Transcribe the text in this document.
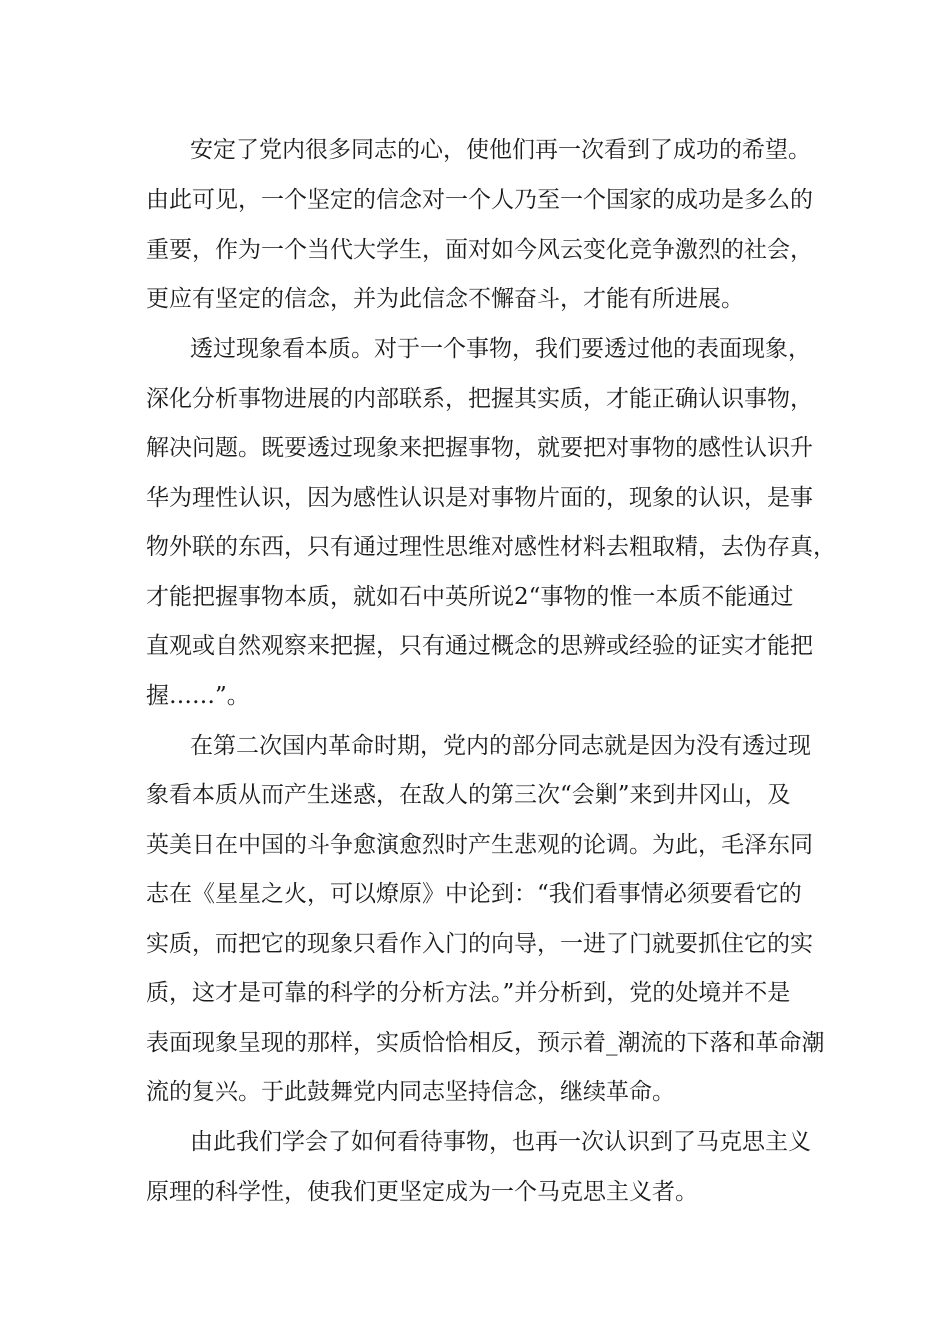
安定了党内很多同志的心，使他们再一次看到了成功的希望。
由此可见，一个坚定的信念对一个人乃至一个国家的成功是多么的
重要，作为一个当代大学生，面对如今风云变化竞争激烈的社会，
更应有坚定的信念，并为此信念不懈奋斗，才能有所进展。
透过现象看本质。对于一个事物，我们要透过他的表面现象，
深化分析事物进展的内部联系，把握其实质，才能正确认识事物，
解决问题。既要透过现象来把握事物，就要把对事物的感性认识升
华为理性认识，因为感性认识是对事物片面的，现象的认识，是事
物外联的东西，只有通过理性思维对感性材料去粗取精，去伪存真，
才能把握事物本质，就如石中英所说2“事物的惟一本质不能通过
直观或自然观察来把握，只有通过概念的思辨或经验的证实才能把
握……”。
在第二次国内革命时期，党内的部分同志就是因为没有透过现
象看本质从而产生迷惑，在敌人的第三次“会剿”来到井冈山，及
英美日在中国的斗争愈演愈烈时产生悲观的论调。为此，毛泽东同
志在《星星之火，可以燎原》中论到：“我们看事情必须要看它的
实质，而把它的现象只看作入门的向导，一进了门就要抓住它的实
质，这才是可靠的科学的分析方法。”并分析到，党的处境并不是
表面现象呈现的那样，实质恰恰相反，预示着_潮流的下落和革命潮
流的复兴。于此鼓舞党内同志坚持信念，继续革命。
由此我们学会了如何看待事物，也再一次认识到了马克思主义
原理的科学性，使我们更坚定成为一个马克思主义者。
